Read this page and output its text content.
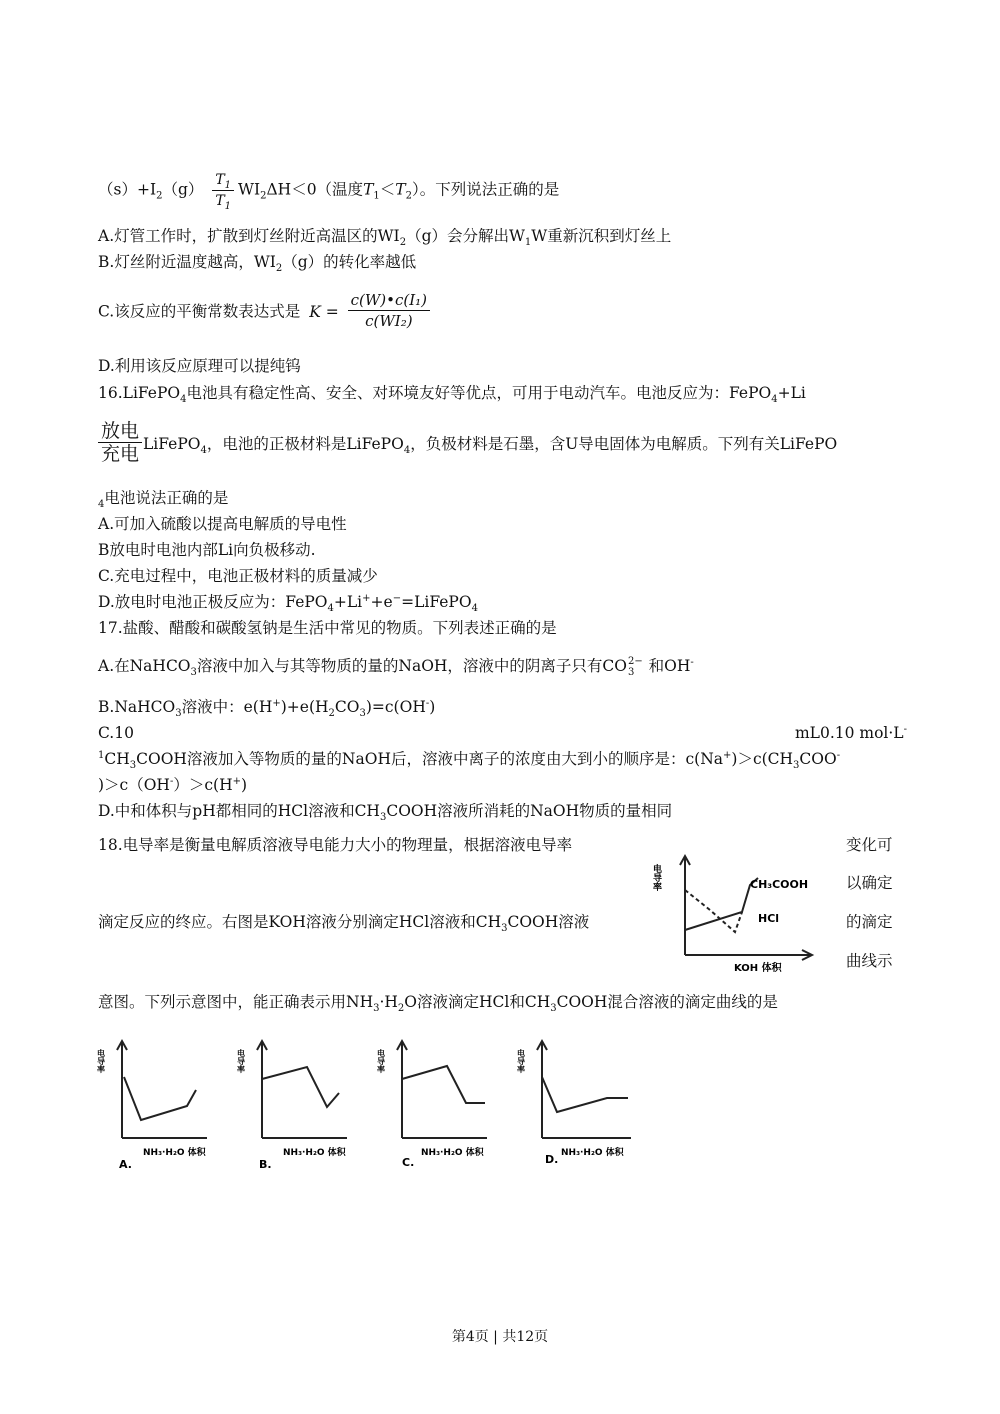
$(s)+I_2(g) \frac{T_1}{T_1} WI_2\Delta H<0$（温度$T_1<T_2$）。下列说法正确的是
A.灯管工作时，扩散到灯丝附近高温区的$WI_2(g)$会分解出$W_1W$重新沉积到灯丝上
B.灯丝附近温度越高，$WI_2(g)$的转化率越低
C.该反应的平衡常数表达式是 $K = \frac{\text{c(W)•c(I₁)}}{\text{c(WI₂)}}$
D.利用该反应原理可以提纯钨
16.LiFePO$_4$电池具有稳定性高、安全、对环境友好等优点，可用于电动汽车。电池反应为：FePO$_4$+Li
$\frac{\text{放电}}{\text{充电}}$ LiFePO$_4$，电池的正极材料是LiFePO$_4$，负极材料是石墨，含U导电固体为电解质。下列有关LiFePO
$_4$电池说法正确的是
A.可加入硫酸以提高电解质的导电性
B放电时电池内部Li向负极移动.
C.充电过程中，电池正极材料的质量减少
D.放电时电池正极反应为：FePO$_4$+Li++e−=LiFePO$_4$
17.盐酸、醋酸和碳酸氢钠是生活中常见的物质。下列表述正确的是
A.在NaHCO$_3$溶液中加入与其等物质的量的NaOH，溶液中的阴离子只有CO 2−
3 和OH-
B.NaHCO$_3$溶液中：$e(H^+)+e(H_2CO_3)=c(OH^-)$
C.10	mL0.10 mol·L-
$^1CH_3COOH$溶液加入等物质的量的NaOH后，溶液中离子的浓度由大到小的顺序是：$c(Na^+)>c(CH_3COO^-$
)＞c（OH-）＞c(H+)
D.中和体积与pH都相同的HCl溶液和$CH_3COOH$溶液所消耗的NaOH物质的量相同
18.电导率是衡量电解质溶液导电能力大小的物理量，根据溶液电导率	变化可
以确定
滴定反应的终应。右图是KOH溶液分别滴定HCl溶液和$CH_3COOH$溶液	的滴定
曲线示
意图。下列示意图中，能正确表示用$NH_3\cdot H_2O$溶液滴定HCl和$CH_3COOH$混合溶液的滴定曲线的是
电导率	CH₃COOH
HCl
KOH 体积
电导率
NH₃·H₂O 体积
A.
电导率
NH₃·H₂O 体积
B.
电导率
NH₃·H₂O 体积
C.
电导率
NH₃·H₂O 体积
D.
第4页 | 共12页
